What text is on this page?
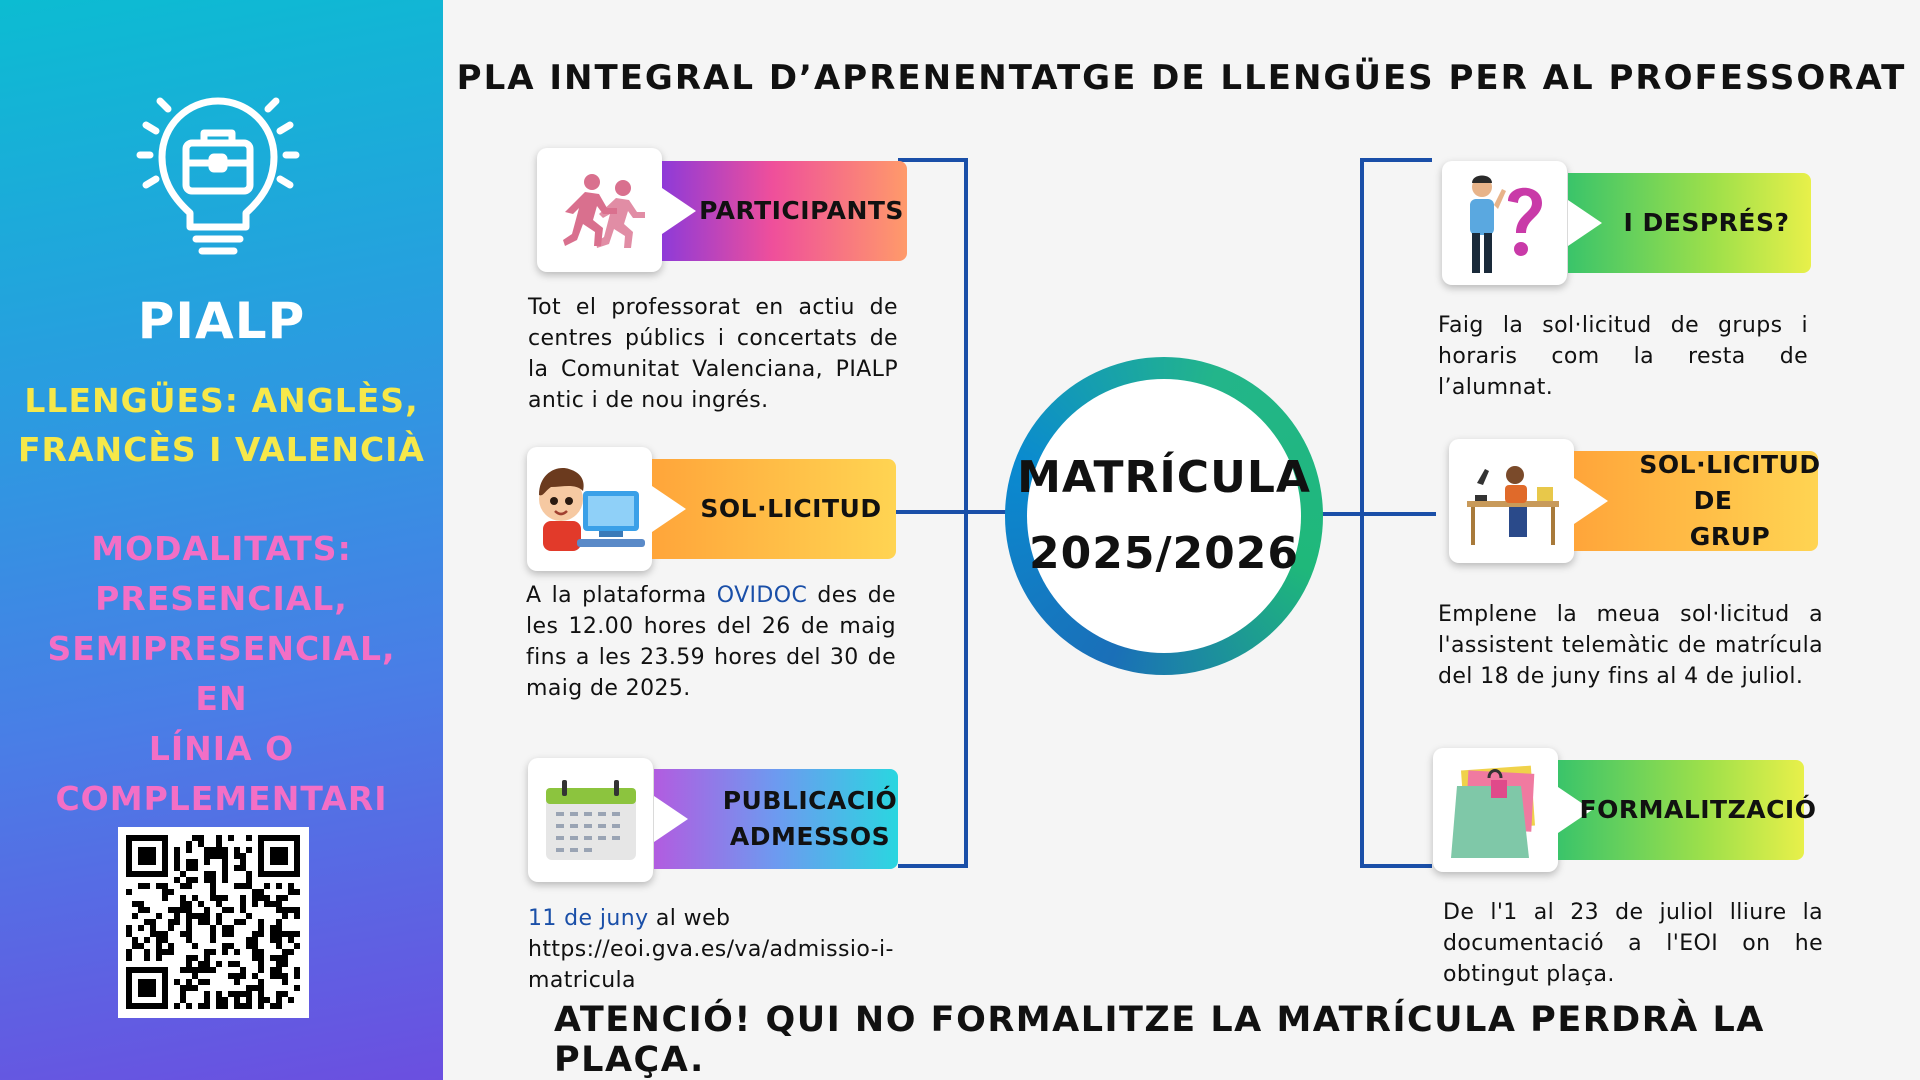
PIALP
LLENGÜES: ANGLÈS,
FRANCÈS I VALENCIÀ
MODALITATS:
PRESENCIAL,
SEMIPRESENCIAL, EN
LÍNIA O
COMPLEMENTARI
PLA INTEGRAL D’APRENENTATGE DE LLENGÜES PER AL PROFESSORAT
MATRÍCULA
2025/2026
PARTICIPANTS
Tot el professorat en actiu de centres públics i concertats de la Comunitat Valenciana, PIALP antic i de nou ingrés.
SOL·LICITUD
A la plataforma OVIDOC des de les 12.00 hores del 26 de maig fins a les 23.59 hores del 30 de maig de 2025.
PUBLICACIÓ
ADMESSOS
11 de juny al web https://eoi.gva.es/va/admissio-i-matricula
I DESPRÉS?
Faig la sol·licitud de grups i horaris com la resta de l’alumnat.
SOL·LICITUD DE
GRUP
Emplene la meua sol·licitud a l'assistent telemàtic de matrícula del 18 de juny fins al 4 de juliol.
FORMALITZACIÓ
De l'1 al 23 de juliol lliure la documentació a l'EOI on he obtingut plaça.
ATENCIÓ! QUI NO FORMALITZE LA MATRÍCULA PERDRÀ LA PLAÇA.
